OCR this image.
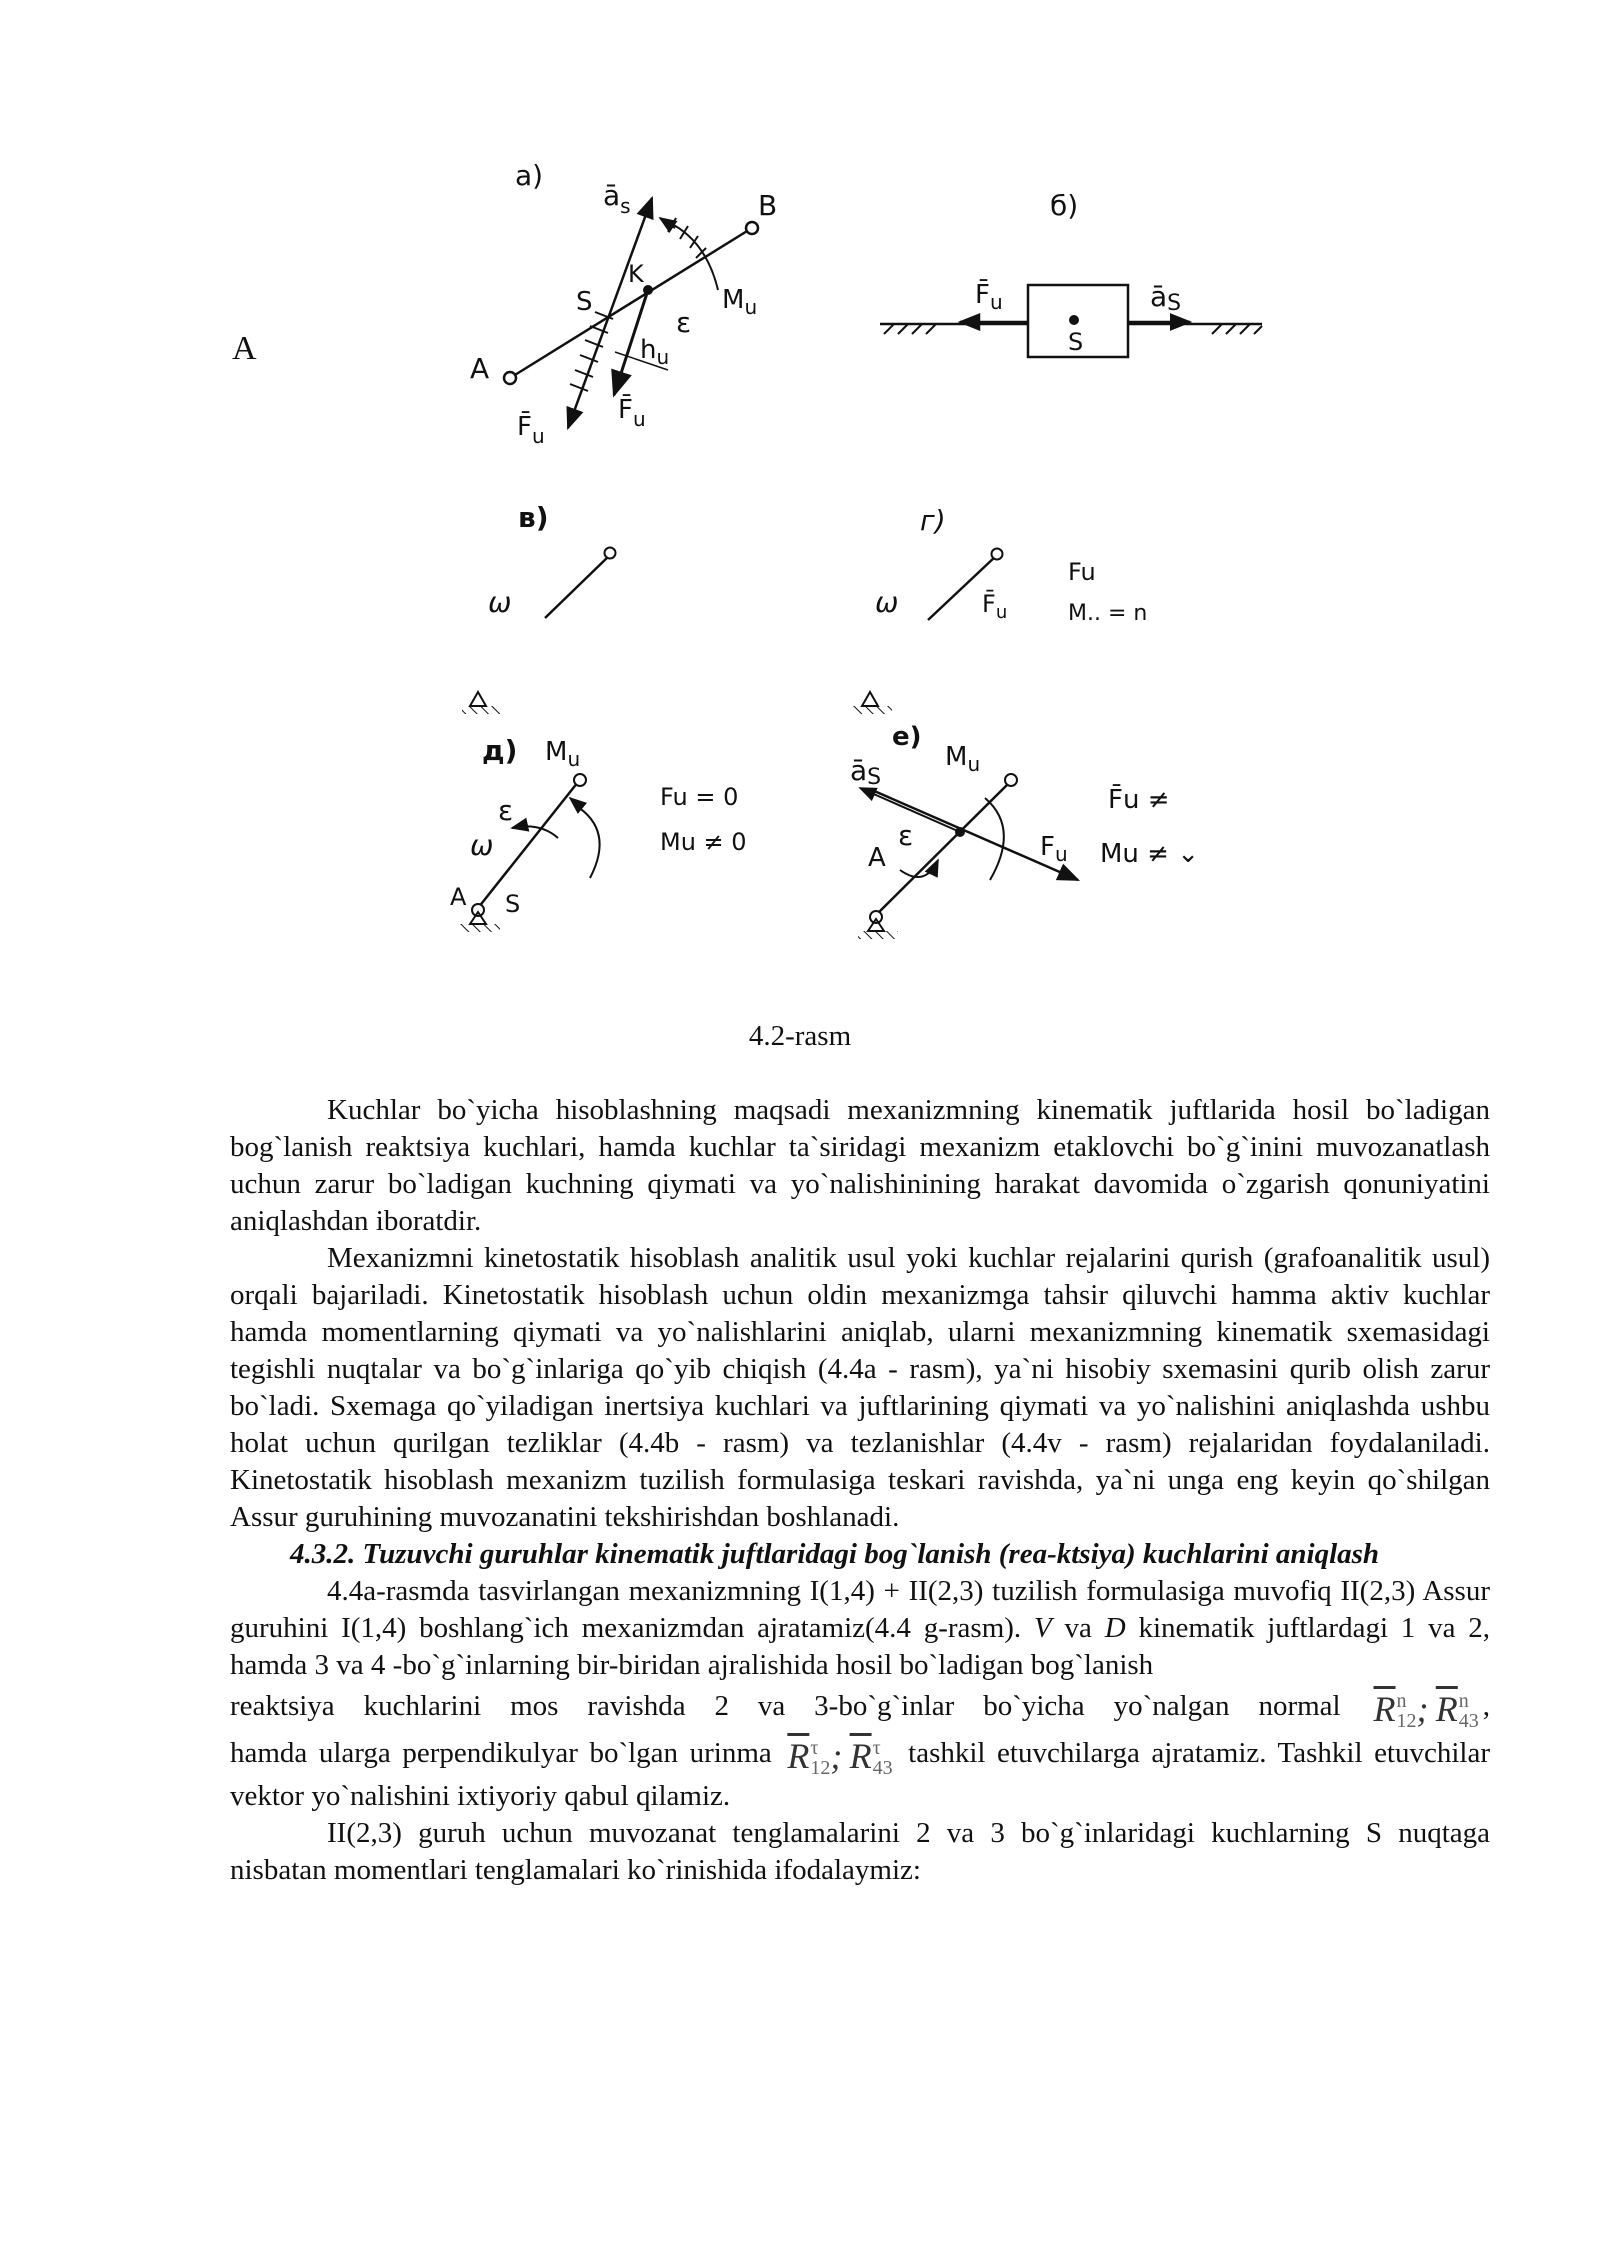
a)
A
B
$ā_s$
S
K
$F̄_u$
$F̄_u$
$M_u$
ε
$h_u$
б)
S
$F̄_u$	āS
в)
ω
г)
ω	$F̄_u$
Fu
M.. = n
д) $M_u$
ε
ω
A S
Fu = 0
Mu ≠ 0
e)
āS
$M_u$
ε
A	$F_u$
F̄u ≠
Mu ≠ ⌄
A
4.2-rasm

Kuchlar bo`yicha hisoblashning maqsadi mexanizmning kinematik juftlarida hosil bo`ladigan bog`lanish reaktsiya kuchlari, hamda kuchlar ta`siridagi mexanizm etaklovchi bo`g`inini muvozanatlash uchun zarur bo`ladigan kuchning qiymati va yo`nalishinining harakat davomida o`zgarish qonuniyatini aniqlashdan iboratdir.

Mexanizmni kinetostatik hisoblash analitik usul yoki kuchlar rejalarini qurish (grafoanalitik usul) orqali bajariladi. Kinetostatik hisoblash uchun oldin mexanizmga tahsir qiluvchi hamma aktiv kuchlar hamda momentlarning qiymati va yo`nalishlarini aniqlab, ularni mexanizmning kinematik sxemasidagi tegishli nuqtalar va bo`g`inlariga qo`yib chiqish (4.4a - rasm), ya`ni hisobiy sxemasini qurib olish zarur bo`ladi. Sxemaga qo`yiladigan inertsiya kuchlari va juftlarining qiymati va yo`nalishini aniqlashda ushbu holat uchun qurilgan tezliklar (4.4b - rasm) va tezlanishlar (4.4v - rasm) rejalaridan foydalaniladi. Kinetostatik hisoblash mexanizm tuzilish formulasiga teskari ravishda, ya`ni unga eng keyin qo`shilgan Assur guruhining muvozanatini tekshirishdan boshlanadi.

4.3.2. Tuzuvchi guruhlar kinematik juftlaridagi bog`lanish (rea-ktsiya) kuchlarini aniqlash

4.4a-rasmda tasvirlangan mexanizmning I(1,4) + II(2,3) tuzilish formulasiga muvofiq II(2,3) Assur guruhini I(1,4) boshlang`ich mexanizmdan ajratamiz(4.4 g-rasm). V va D kinematik juftlardagi 1 va 2, hamda 3 va 4 -bo`g`inlarning bir-biridan ajralishida hosil bo`ladigan bog`lanish

reaktsiya kuchlarini mos ravishda 2 va 3-bo`g`inlar bo`yicha yo`nalgan normal $\overline{R}$ n
12 ;
$\overline{R}$ n
43 ,

hamda ularga perpendikulyar bo`lgan urinma $\overline{R}$ τ
12 ;
$\overline{R}$ τ
43 tashkil etuvchilarga ajratamiz. Tashkil etuvchilar vektor yo`nalishini ixtiyoriy qabul qilamiz.

II(2,3) guruh uchun muvozanat tenglamalarini 2 va 3 bo`g`inlaridagi kuchlarning S nuqtaga nisbatan momentlari tenglamalari ko`rinishida ifodalaymiz:
